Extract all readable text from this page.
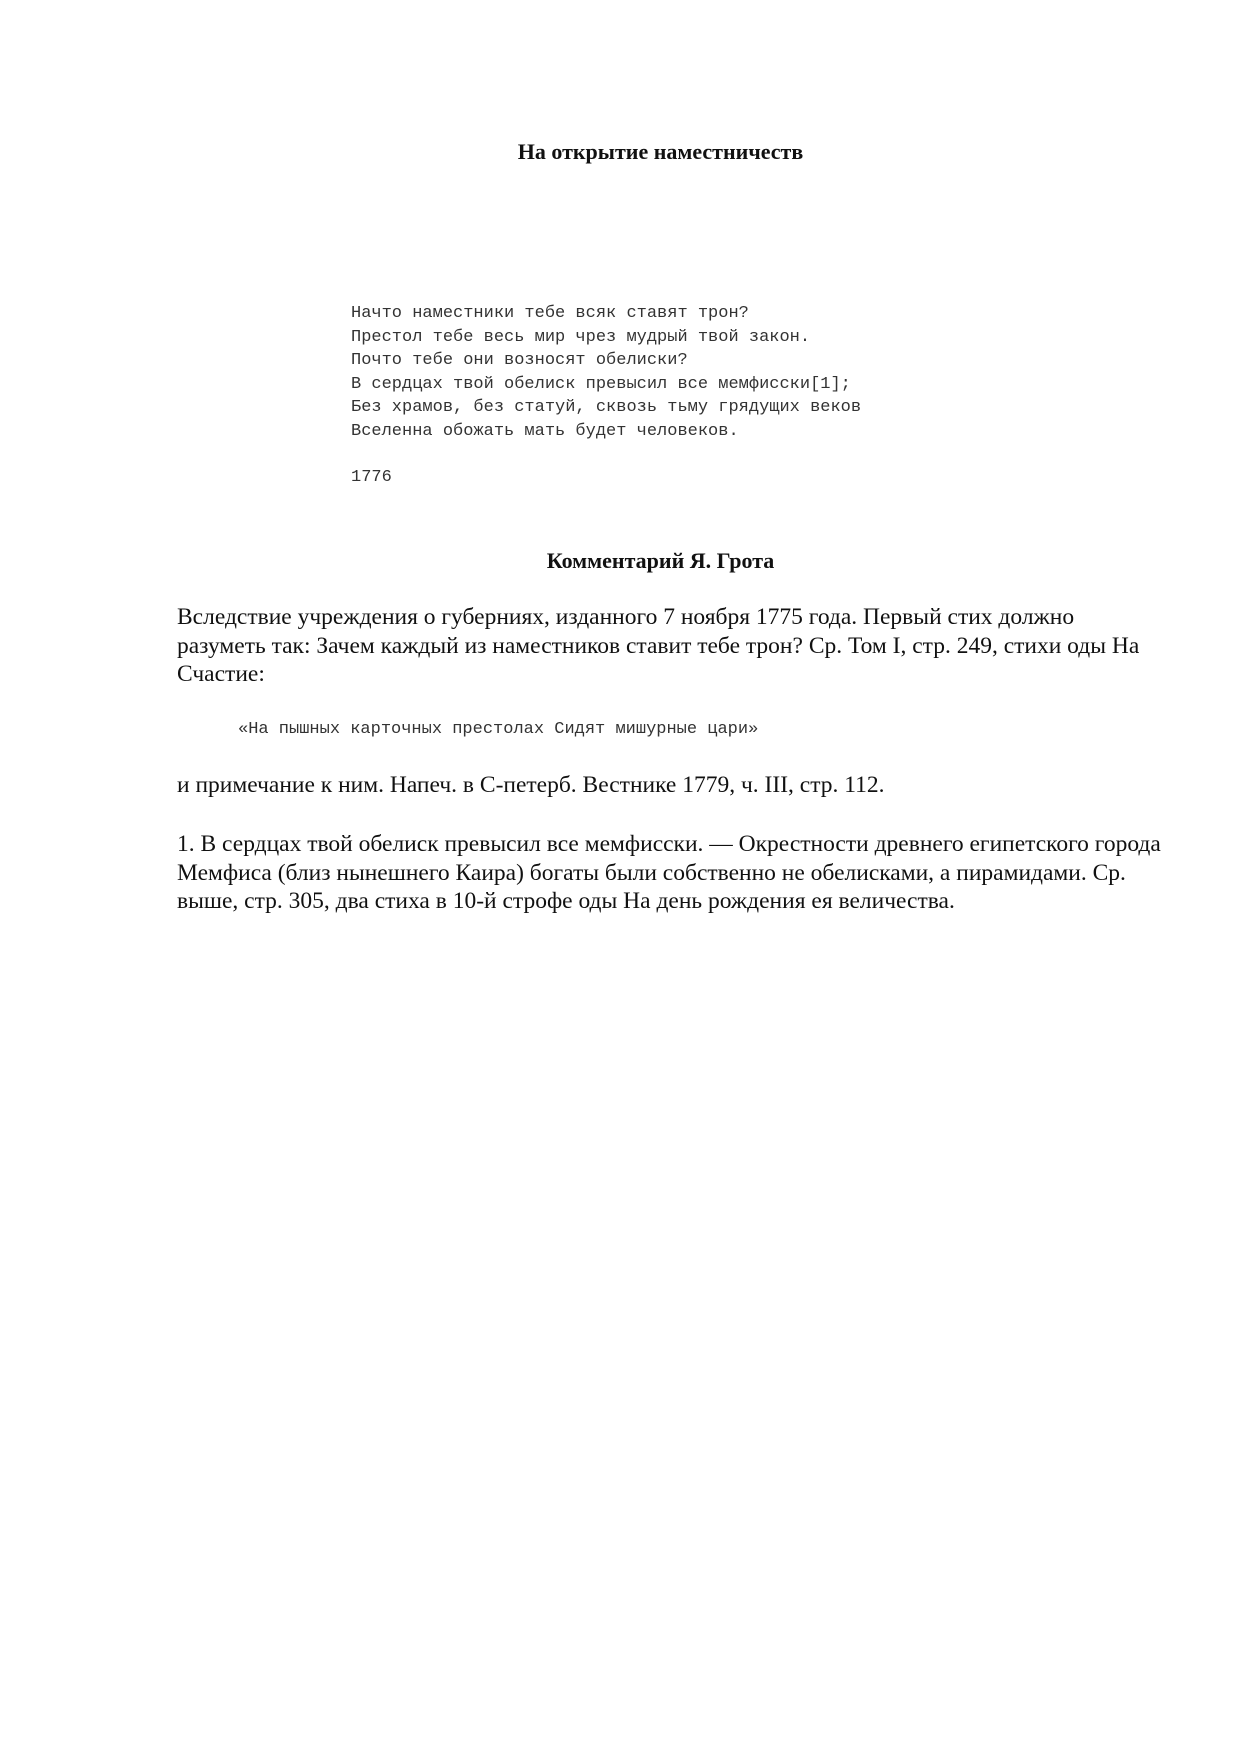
На открытие наместничеств
Начто наместники тебе всяк ставят трон?
Престол тебе весь мир чрез мудрый твой закон.
Почто тебе они возносят обелиски?
В сердцах твой обелиск превысил все мемфисски[1];
Без храмов, без статуй, сквозь тьму грядущих веков
Вселенна обожать мать будет человеков.
1776
Комментарий Я. Грота

Вследствие учреждения о губерниях, изданного 7 ноября 1775 года. Первый стих должно разуметь так: Зачем каждый из наместников ставит тебе трон? Ср. Том I, стр. 249, стихи оды На Счастие:

«На пышных карточных престолах Сидят мишурные цари»

и примечание к ним. Напеч. в С-петерб. Вестнике 1779, ч. III, стр. 112.

1. В сердцах твой обелиск превысил все мемфисски. — Окрестности древнего египетского города Мемфиса (близ нынешнего Каира) богаты были собственно не обелисками, а пирамидами. Ср. выше, стр. 305, два стиха в 10-й строфе оды На день рождения ея величества.
